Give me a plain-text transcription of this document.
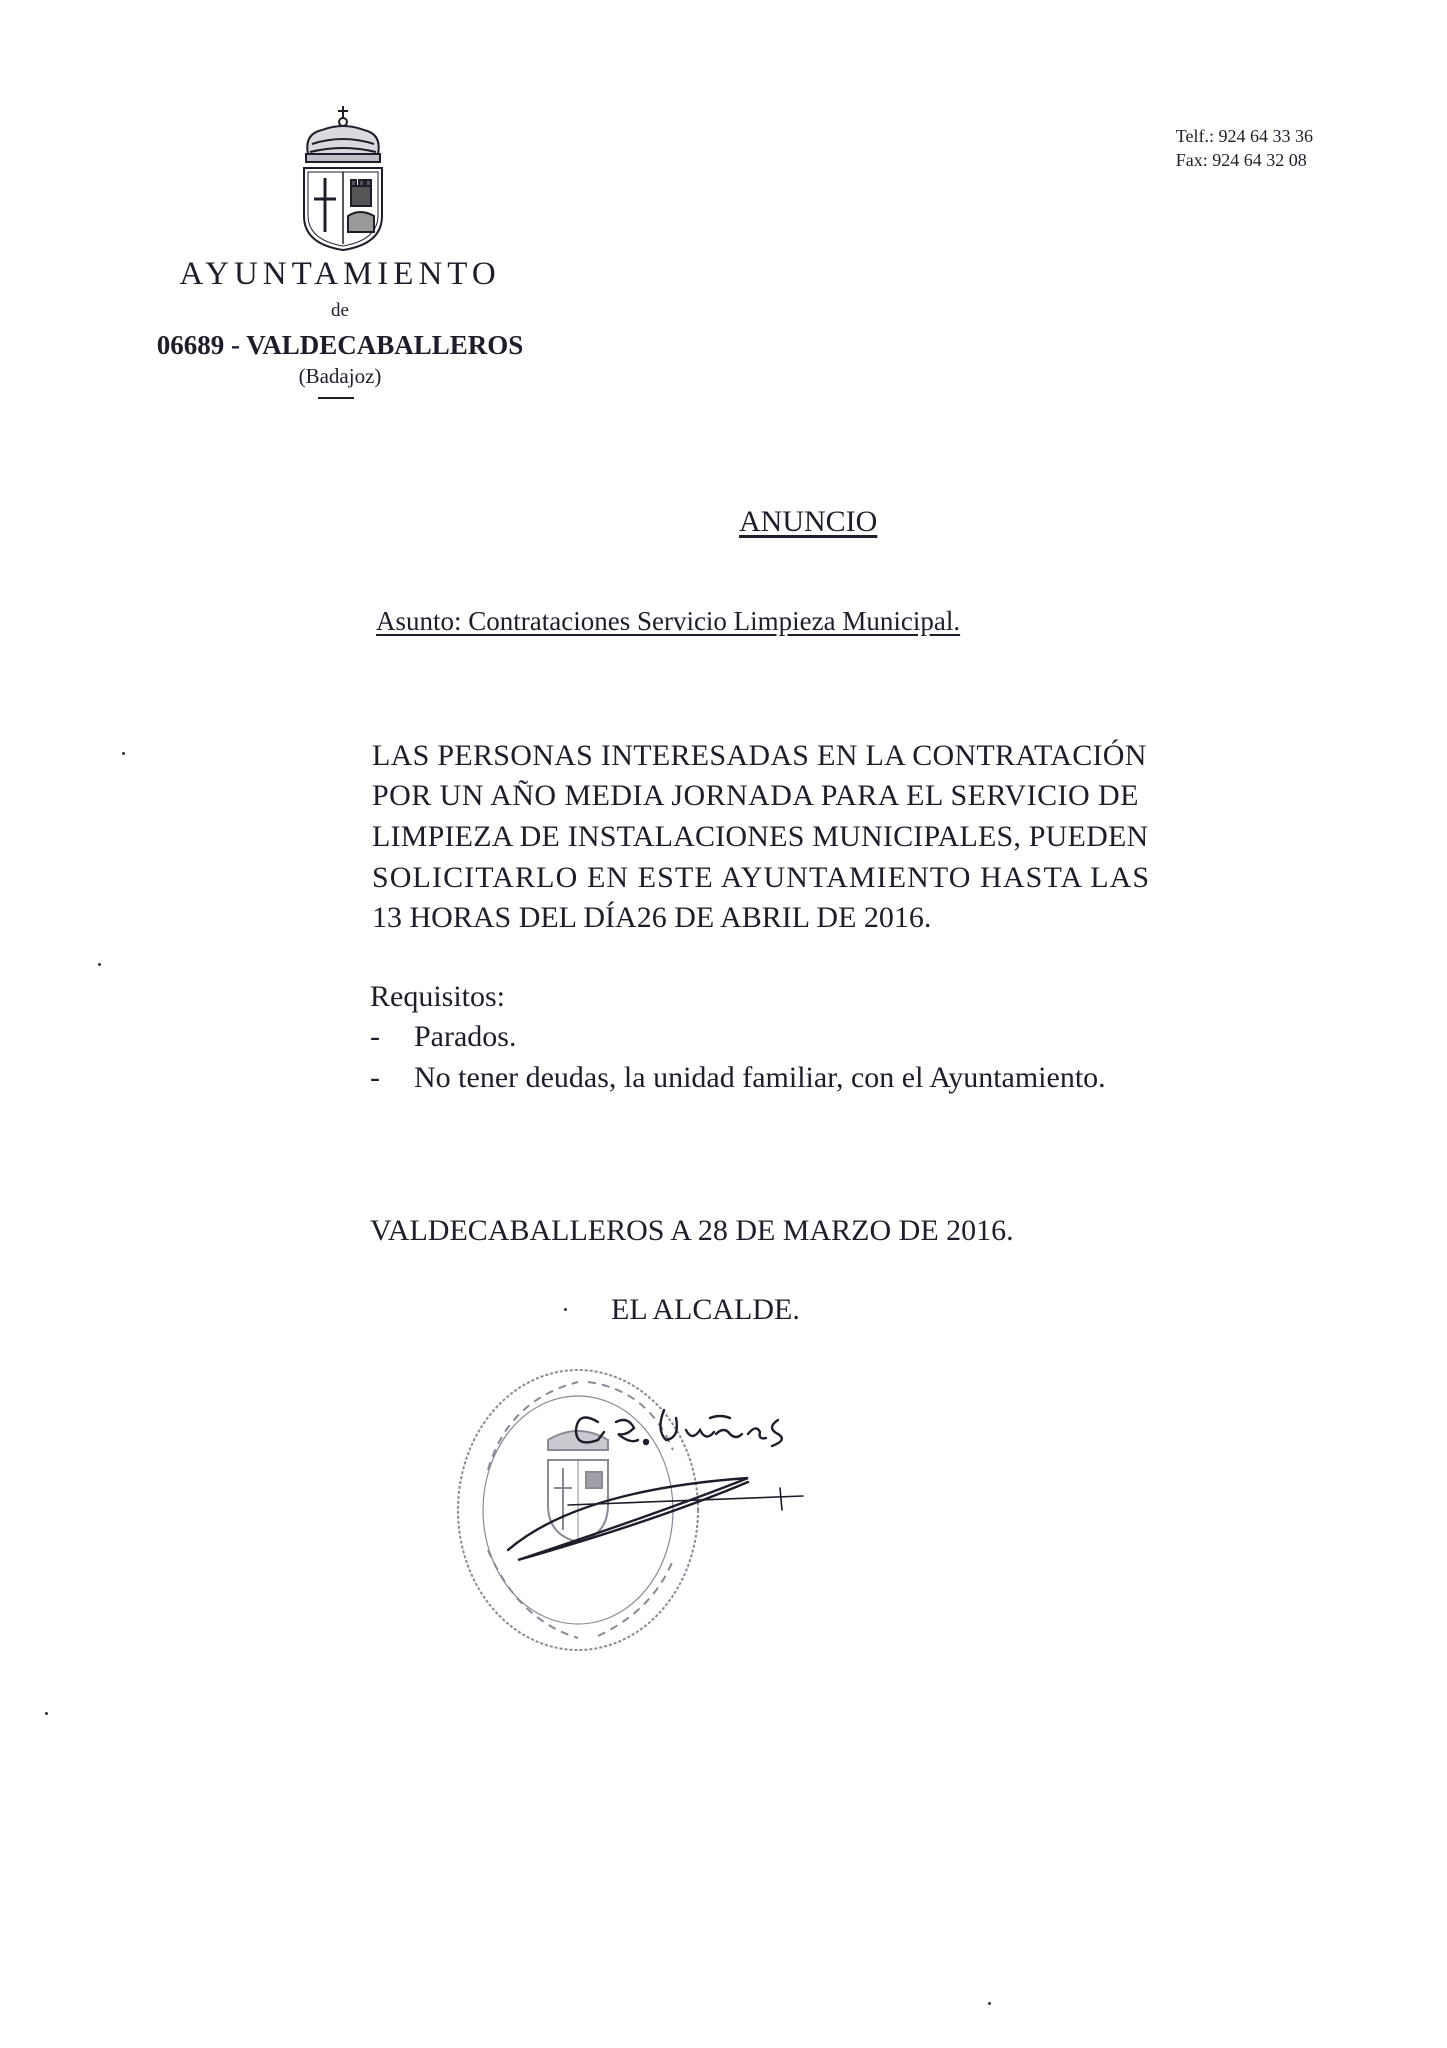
Telf.: 924 64 33 36
Fax: 924 64 32 08
AYUNTAMIENTO
de
06689 - VALDECABALLEROS
(Badajoz)
ANUNCIO
Asunto: Contrataciones Servicio Limpieza Municipal.
LAS PERSONAS INTERESADAS EN LA CONTRATACIÓN
POR UN AÑO MEDIA JORNADA PARA EL SERVICIO DE
LIMPIEZA DE INSTALACIONES MUNICIPALES, PUEDEN
SOLICITARLO EN ESTE AYUNTAMIENTO HASTA LAS
13 HORAS DEL DÍA26 DE ABRIL DE 2016.
Requisitos:
- Parados.
- No tener deudas, la unidad familiar, con el Ayuntamiento.
VALDECABALLEROS A 28 DE MARZO DE 2016.
EL ALCALDE.
